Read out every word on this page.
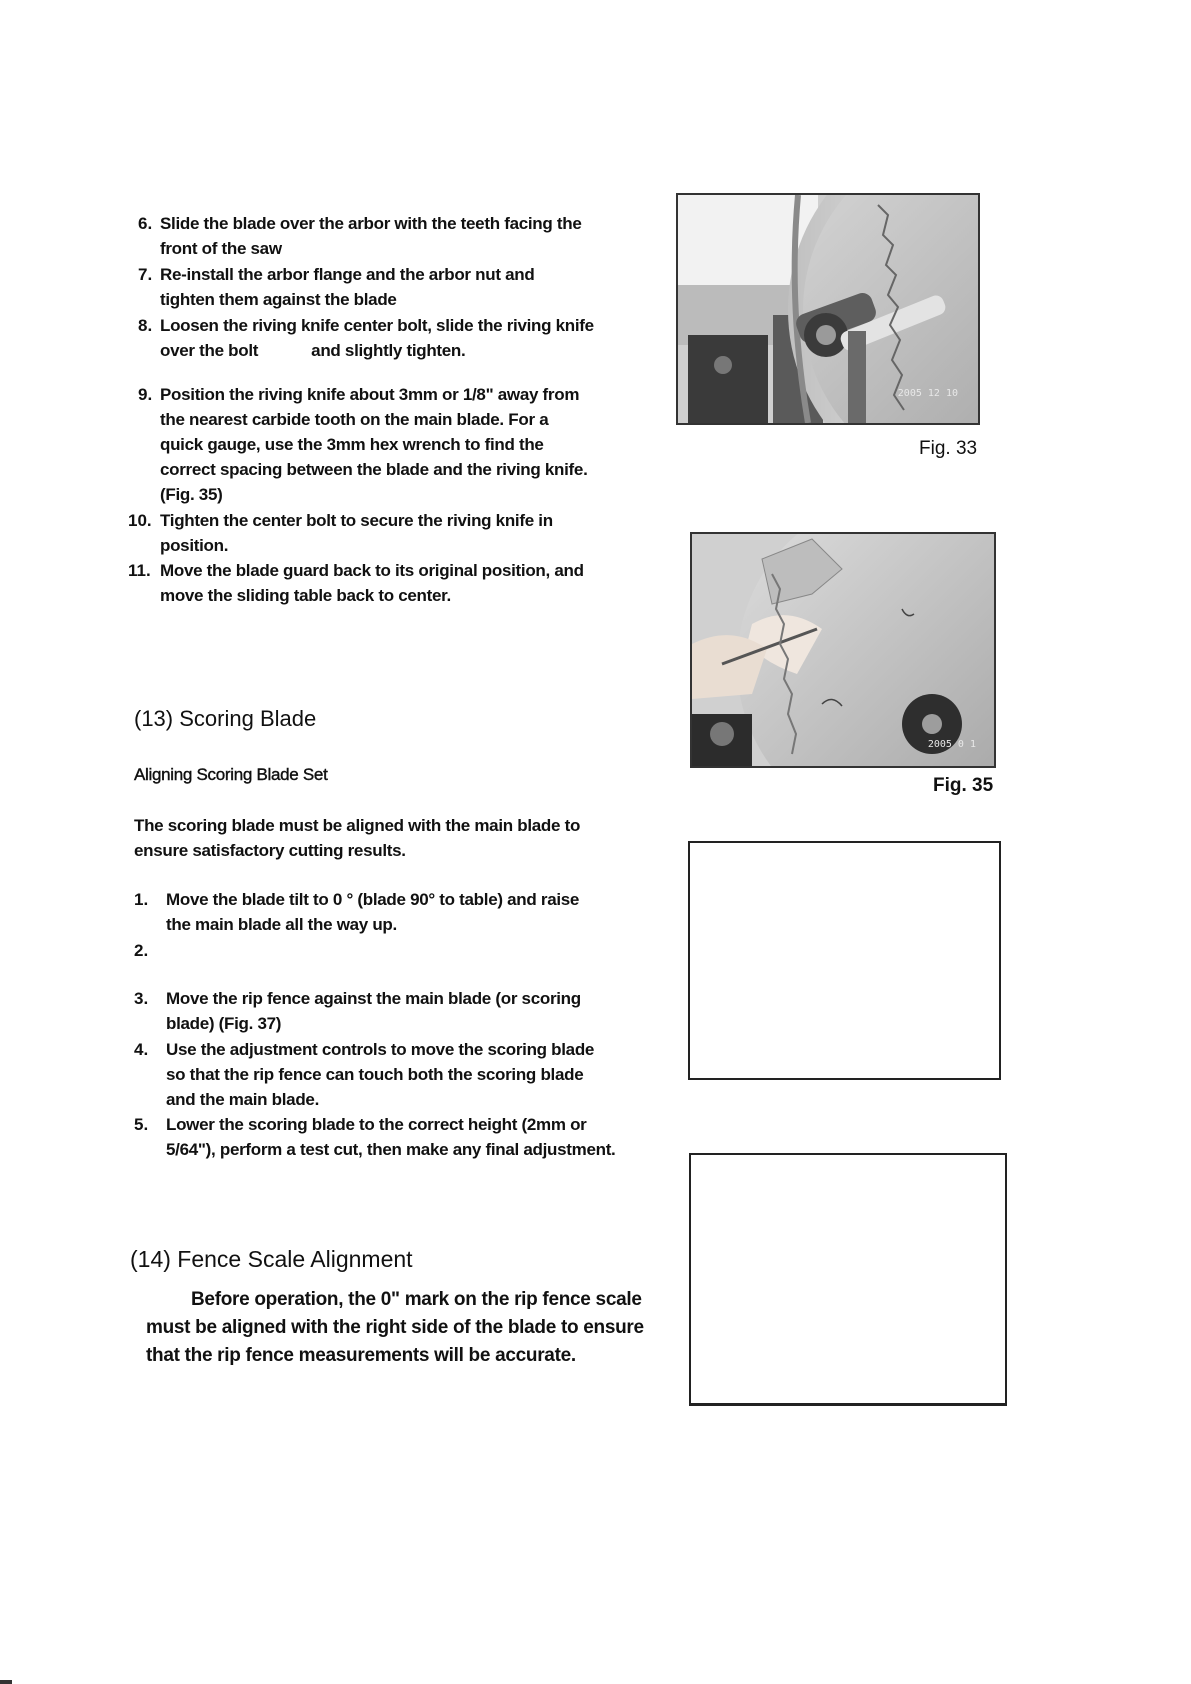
6. Slide the blade over the arbor with the teeth facing the
front of the saw
7. Re-install the arbor flange and the arbor nut and
tighten them against the blade
8. Loosen the riving knife center bolt, slide the riving knife
over the bolt            and slightly tighten.
9. Position the riving knife about 3mm or 1/8" away from
the nearest carbide tooth on the main blade. For a
quick gauge, use the 3mm hex wrench to find the
correct spacing between the blade and the riving knife.
(Fig. 35)
10. Tighten the center bolt to secure the riving knife in
position.
11. Move the blade guard back to its original position, and
move the sliding table back to center.
(13) Scoring Blade
Aligning Scoring Blade Set
The scoring blade must be aligned with the main blade to
ensure satisfactory cutting results.
1. Move the blade tilt to 0 ° (blade 90° to table) and raise
the main blade all the way up.
2.
3. Move the rip fence against the main blade (or scoring
blade) (Fig. 37)
4. Use the adjustment controls to move the scoring blade
so that the rip fence can touch both the scoring blade
and the main blade.
5. Lower the scoring blade to the correct height (2mm or
5/64"), perform a test cut, then make any final adjustment.
(14) Fence Scale Alignment
Before operation, the 0" mark on the rip fence scale
must be aligned with the right side of the blade to ensure
that the rip fence measurements will be accurate.
2005 12 10
Fig. 33
2005 0 1
Fig. 35
